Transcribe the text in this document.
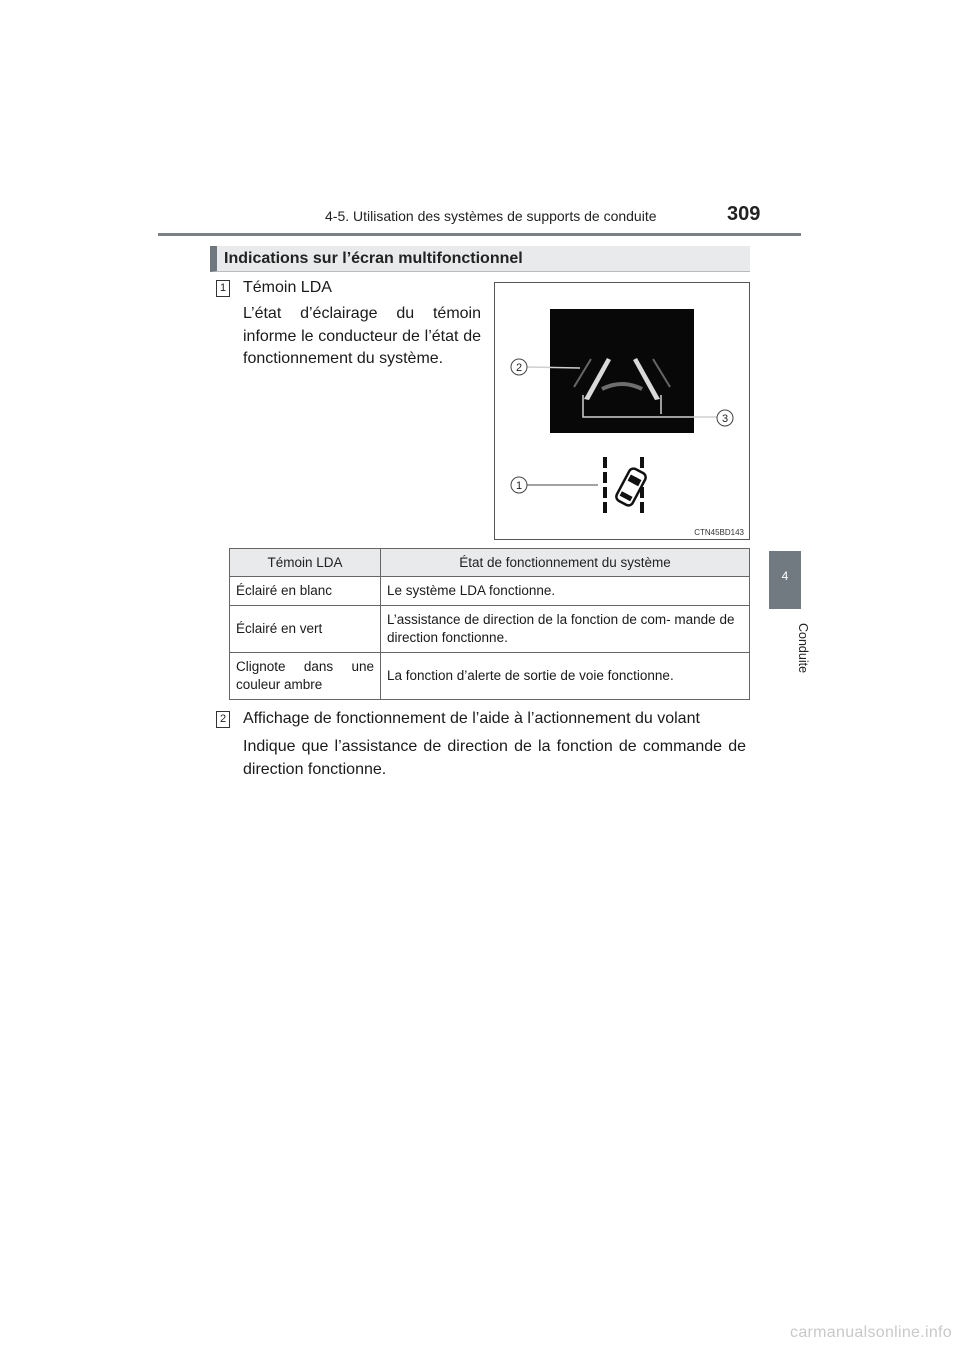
4-5. Utilisation des systèmes de supports de conduite	309
4
Conduite
Indications sur l’écran multifonctionnel
1 Témoin LDA
L’état d’éclairage du témoin informe le conducteur de l’état de fonctionnement du système.
2
3
1
CTN45BD143
Témoin LDA	État de fonctionnement du système
Éclairé en blanc	Le système LDA fonctionne.
Éclairé en vert	L’assistance de direction de la fonction de com- mande de direction fonctionne.
Clignote dans une couleur ambre	La fonction d’alerte de sortie de voie fonctionne.
2 Affichage de fonctionnement de l’aide à l’actionnement du volant
Indique que l’assistance de direction de la fonction de commande de direction fonctionne.
carmanualsonline.info
